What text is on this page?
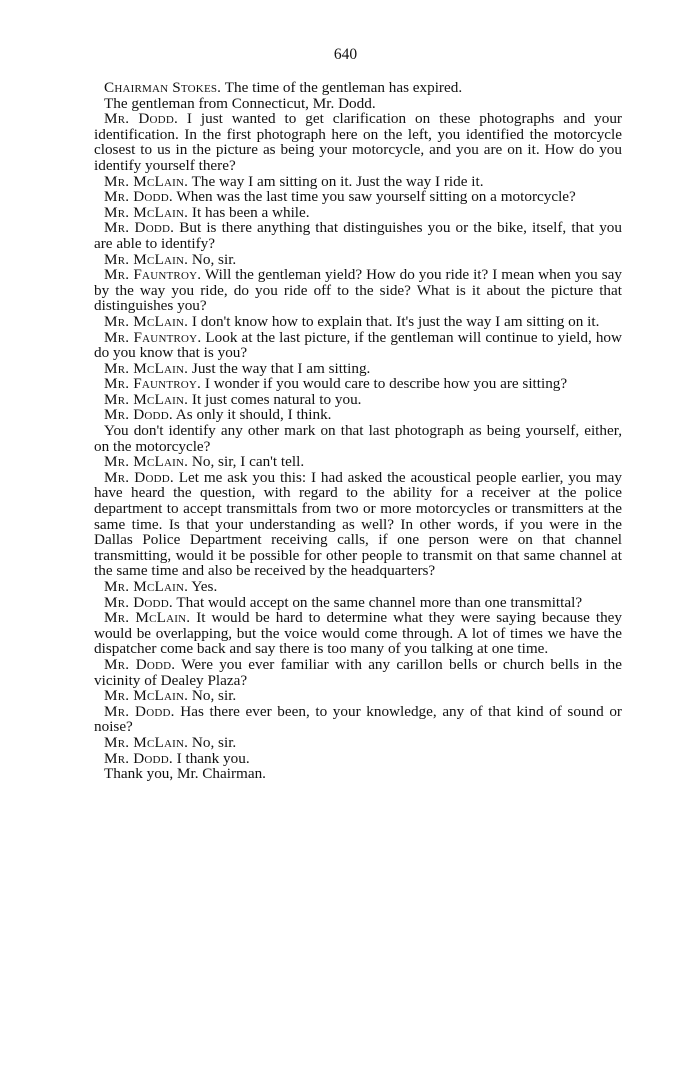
640

Chairman Stokes. The time of the gentleman has expired.

The gentleman from Connecticut, Mr. Dodd.

Mr. Dodd. I just wanted to get clarification on these photographs and your identification. In the first photograph here on the left, you identified the motorcycle closest to us in the picture as being your motorcycle, and you are on it. How do you identify yourself there?

Mr. McLain. The way I am sitting on it. Just the way I ride it.

Mr. Dodd. When was the last time you saw yourself sitting on a motorcycle?

Mr. McLain. It has been a while.

Mr. Dodd. But is there anything that distinguishes you or the bike, itself, that you are able to identify?

Mr. McLain. No, sir.

Mr. Fauntroy. Will the gentleman yield? How do you ride it? I mean when you say by the way you ride, do you ride off to the side? What is it about the picture that distinguishes you?

Mr. McLain. I don't know how to explain that. It's just the way I am sitting on it.

Mr. Fauntroy. Look at the last picture, if the gentleman will continue to yield, how do you know that is you?

Mr. McLain. Just the way that I am sitting.

Mr. Fauntroy. I wonder if you would care to describe how you are sitting?

Mr. McLain. It just comes natural to you.

Mr. Dodd. As only it should, I think.

You don't identify any other mark on that last photograph as being yourself, either, on the motorcycle?

Mr. McLain. No, sir, I can't tell.

Mr. Dodd. Let me ask you this: I had asked the acoustical people earlier, you may have heard the question, with regard to the ability for a receiver at the police department to accept transmittals from two or more motorcycles or transmitters at the same time. Is that your understanding as well? In other words, if you were in the Dallas Police Department receiving calls, if one person were on that channel transmitting, would it be possible for other people to transmit on that same channel at the same time and also be received by the headquarters?

Mr. McLain. Yes.

Mr. Dodd. That would accept on the same channel more than one transmittal?

Mr. McLain. It would be hard to determine what they were saying because they would be overlapping, but the voice would come through. A lot of times we have the dispatcher come back and say there is too many of you talking at one time.

Mr. Dodd. Were you ever familiar with any carillon bells or church bells in the vicinity of Dealey Plaza?

Mr. McLain. No, sir.

Mr. Dodd. Has there ever been, to your knowledge, any of that kind of sound or noise?

Mr. McLain. No, sir.

Mr. Dodd. I thank you.

Thank you, Mr. Chairman.
